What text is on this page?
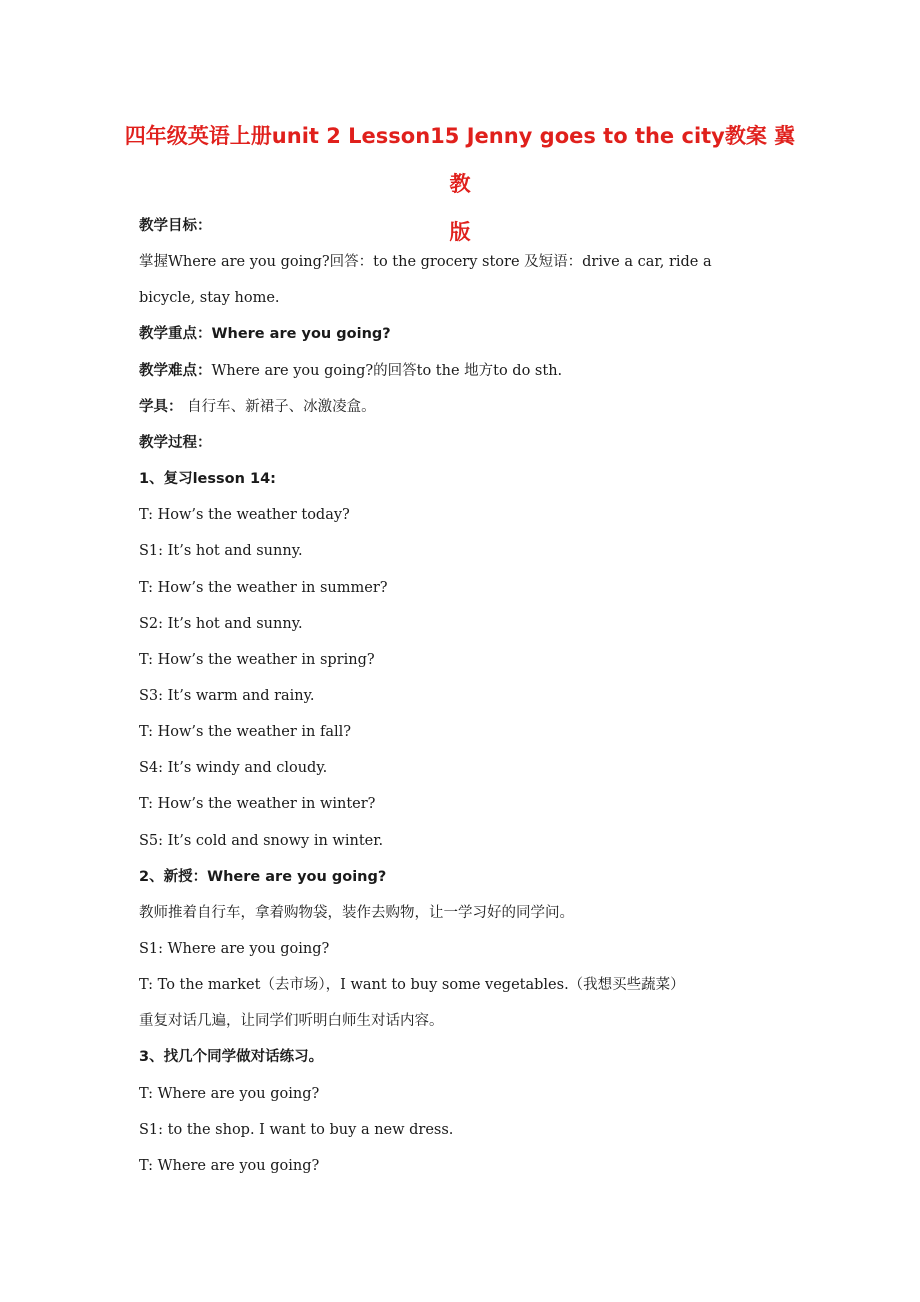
四年级英语上册unit 2 Lesson15 Jenny goes to the city教案 冀教
版
教学目标：
掌握Where are you going?回答：to the grocery store 及短语：drive a car, ride a
bicycle, stay home.
教学重点：Where are you going?
教学难点：Where are you going?的回答to the 地方to do sth.
学具： 自行车、新裙子、冰激凌盒。
教学过程：
1、复习lesson 14:
T: How’s the weather today?
S1: It’s hot and sunny.
T: How’s the weather in summer?
S2: It’s hot and sunny.
T: How’s the weather in spring?
S3: It’s warm and rainy.
T: How’s the weather in fall?
S4: It’s windy and cloudy.
T: How’s the weather in winter?
S5: It’s cold and snowy in winter.
2、新授：Where are you going?
教师推着自行车，拿着购物袋，装作去购物，让一学习好的同学问。
S1: Where are you going?
T: To the market（去市场），I want to buy some vegetables.（我想买些蔬菜）
重复对话几遍，让同学们听明白师生对话内容。
3、找几个同学做对话练习。
T: Where are you going?
S1: to the shop. I want to buy a new dress.
T: Where are you going?
